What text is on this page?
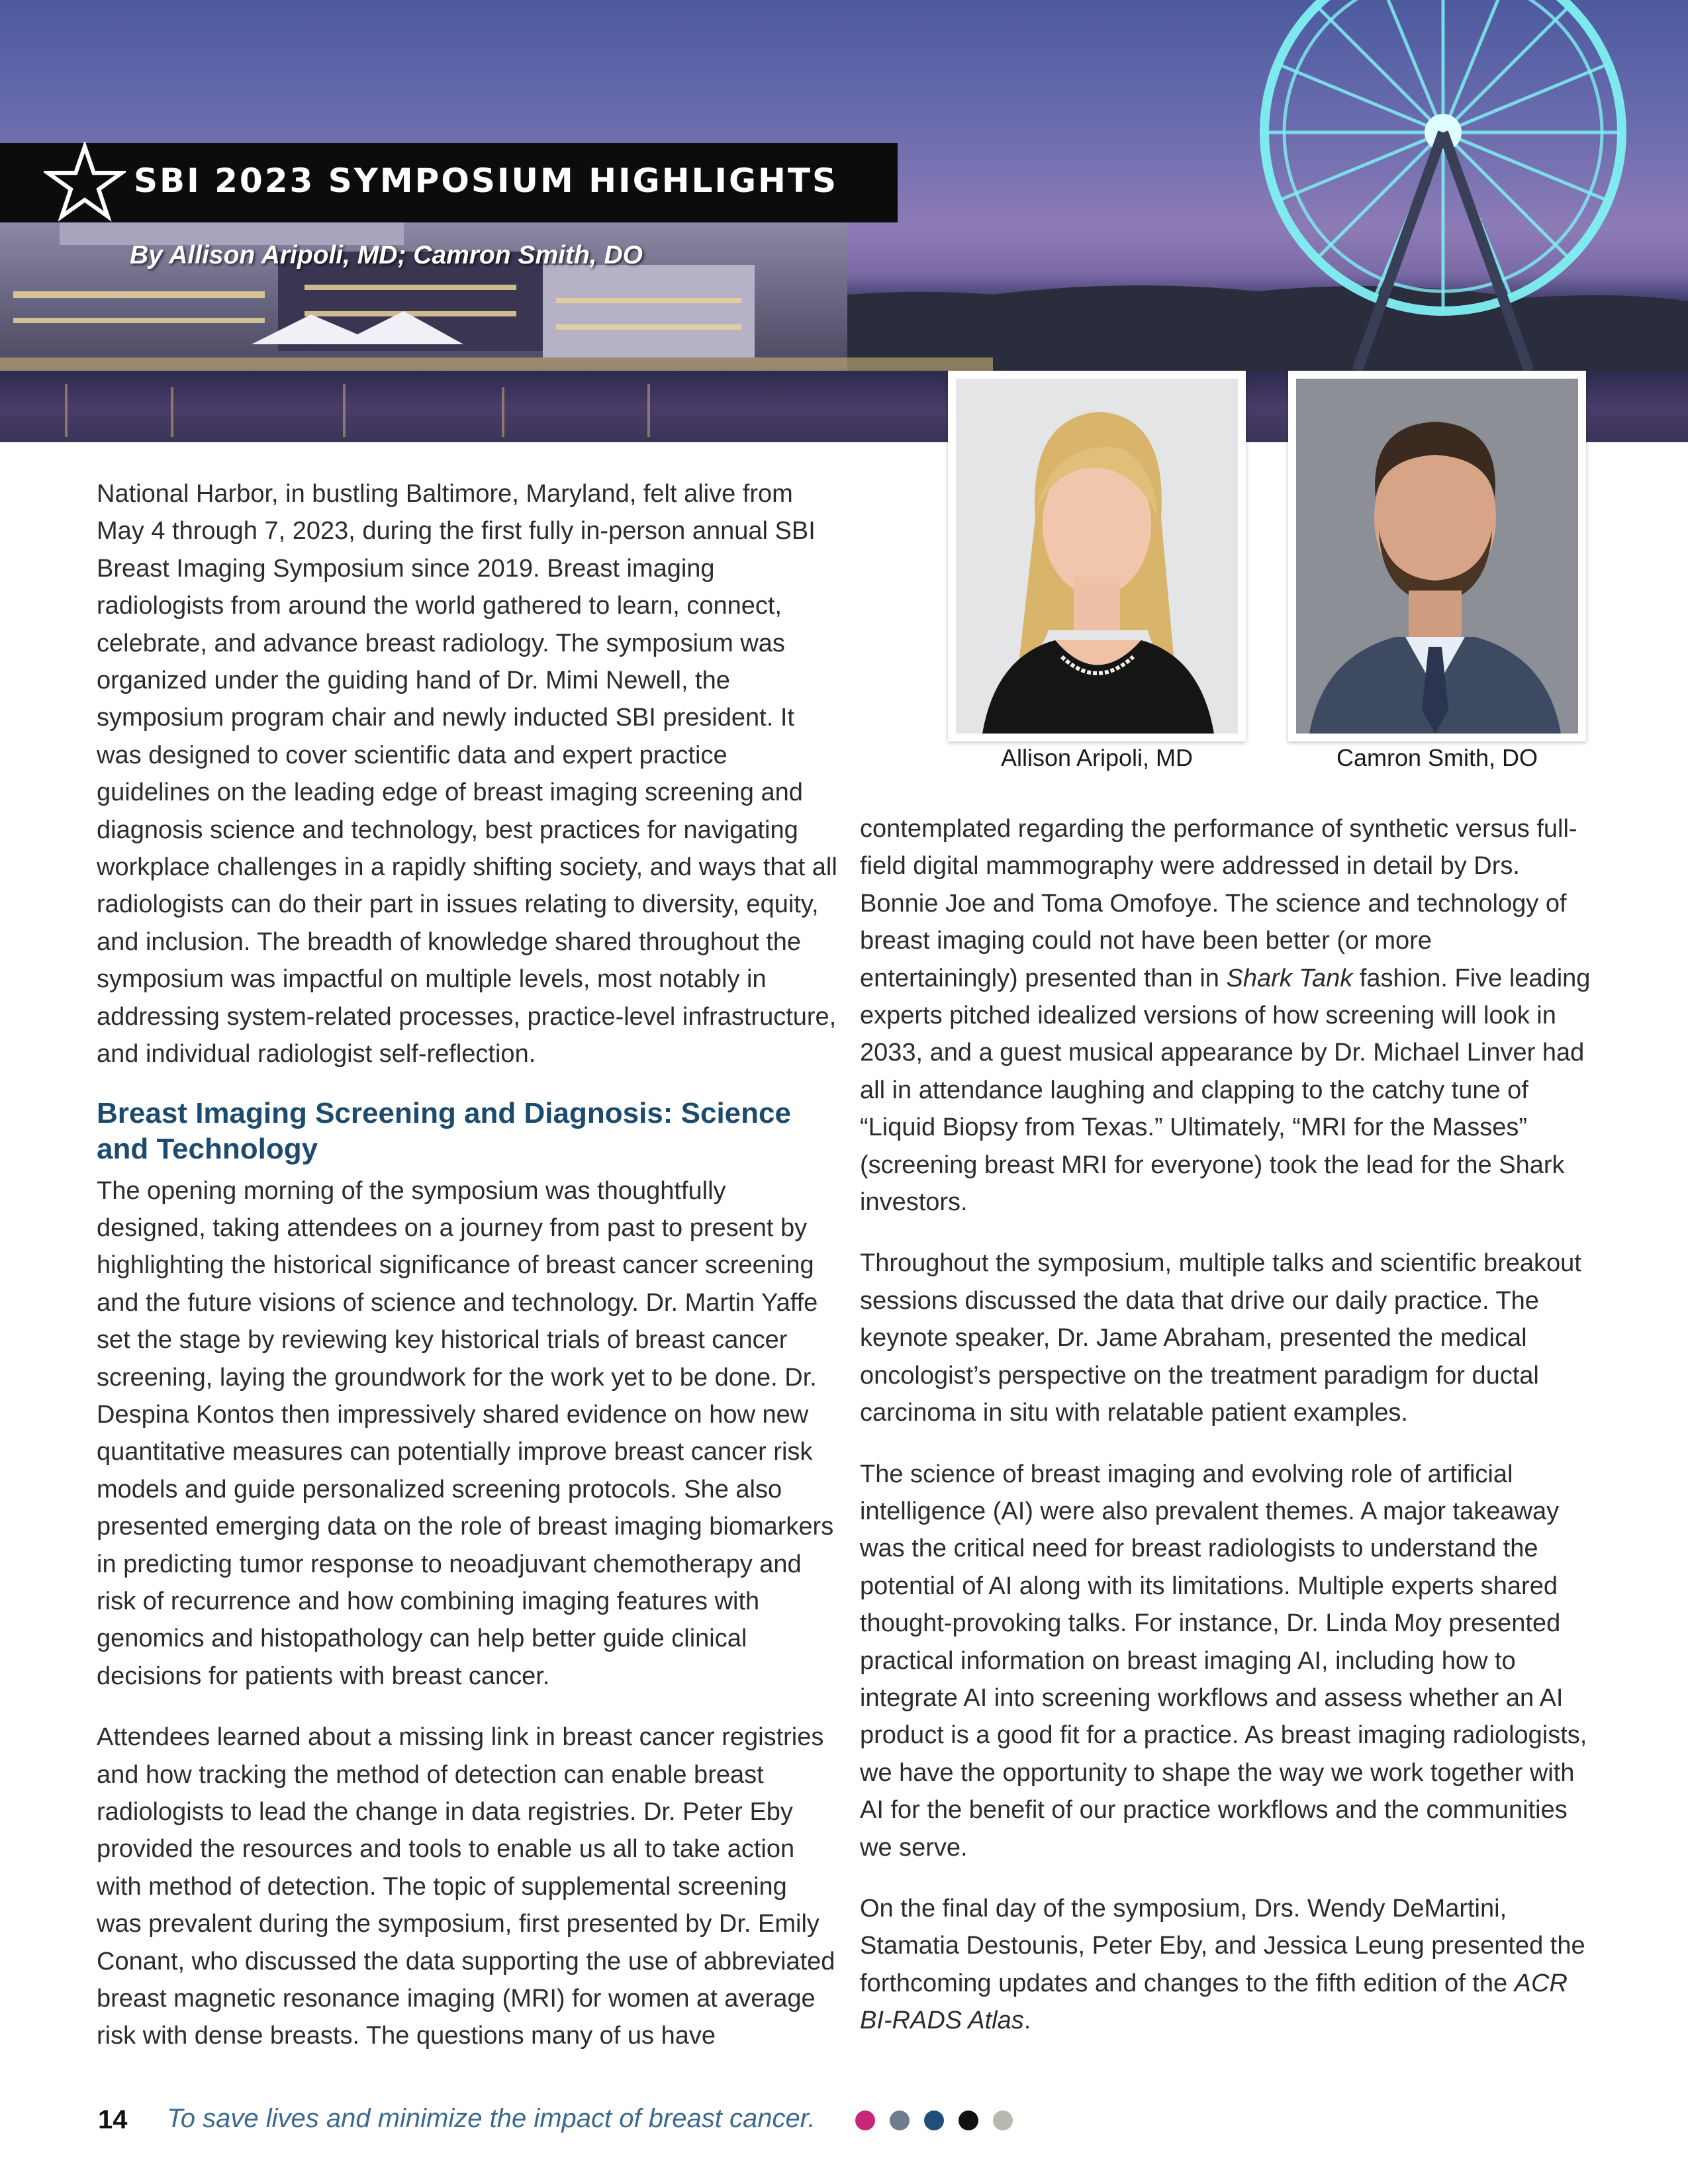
SBI 2023 SYMPOSIUM HIGHLIGHTS
By Allison Aripoli, MD; Camron Smith, DO
Allison Aripoli, MD	Camron Smith, DO

National Harbor, in bustling Baltimore, Maryland, felt alive from May 4 through 7, 2023, during the first fully in-person annual SBI Breast Imaging Symposium since 2019. Breast imaging radiologists from around the world gathered to learn, connect, celebrate, and advance breast radiology. The symposium was organized under the guiding hand of Dr. Mimi Newell, the symposium program chair and newly inducted SBI president. It was designed to cover scientific data and expert practice guidelines on the leading edge of breast imaging screening and diagnosis science and technology, best practices for navigating workplace challenges in a rapidly shifting society, and ways that all radiologists can do their part in issues relating to diversity, equity, and inclusion. The breadth of knowledge shared throughout the symposium was impactful on multiple levels, most notably in addressing system-related processes, practice-level infrastructure, and individual radiologist self-reflection.

Breast Imaging Screening and Diagnosis: Science and Technology

The opening morning of the symposium was thoughtfully designed, taking attendees on a journey from past to present by highlighting the historical significance of breast cancer screening and the future visions of science and technology. Dr. Martin Yaffe set the stage by reviewing key historical trials of breast cancer screening, laying the groundwork for the work yet to be done. Dr. Despina Kontos then impressively shared evidence on how new quantitative measures can potentially improve breast cancer risk models and guide personalized screening protocols. She also presented emerging data on the role of breast imaging biomarkers in predicting tumor response to neoadjuvant chemotherapy and risk of recurrence and how combining imaging features with genomics and histopathology can help better guide clinical decisions for patients with breast cancer.

Attendees learned about a missing link in breast cancer registries and how tracking the method of detection can enable breast radiologists to lead the change in data registries. Dr. Peter Eby provided the resources and tools to enable us all to take action with method of detection. The topic of supplemental screening was prevalent during the symposium, first presented by Dr. Emily Conant, who discussed the data supporting the use of abbreviated breast magnetic resonance imaging (MRI) for women at average risk with dense breasts. The questions many of us have

contemplated regarding the performance of synthetic versus full-field digital mammography were addressed in detail by Drs. Bonnie Joe and Toma Omofoye. The science and technology of breast imaging could not have been better (or more entertainingly) presented than in Shark Tank fashion. Five leading experts pitched idealized versions of how screening will look in 2033, and a guest musical appearance by Dr. Michael Linver had all in attendance laughing and clapping to the catchy tune of “Liquid Biopsy from Texas.” Ultimately, “MRI for the Masses” (screening breast MRI for everyone) took the lead for the Shark investors.

Throughout the symposium, multiple talks and scientific breakout sessions discussed the data that drive our daily practice. The keynote speaker, Dr. Jame Abraham, presented the medical oncologist’s perspective on the treatment paradigm for ductal carcinoma in situ with relatable patient examples.

The science of breast imaging and evolving role of artificial intelligence (AI) were also prevalent themes. A major takeaway was the critical need for breast radiologists to understand the potential of AI along with its limitations. Multiple experts shared thought-provoking talks. For instance, Dr. Linda Moy presented practical information on breast imaging AI, including how to integrate AI into screening workflows and assess whether an AI product is a good fit for a practice. As breast imaging radiologists, we have the opportunity to shape the way we work together with AI for the benefit of our practice workflows and the communities we serve.

On the final day of the symposium, Drs. Wendy DeMartini, Stamatia Destounis, Peter Eby, and Jessica Leung presented the forthcoming updates and changes to the fifth edition of the ACR BI-RADS Atlas.

14 To save lives and minimize the impact of breast cancer.
